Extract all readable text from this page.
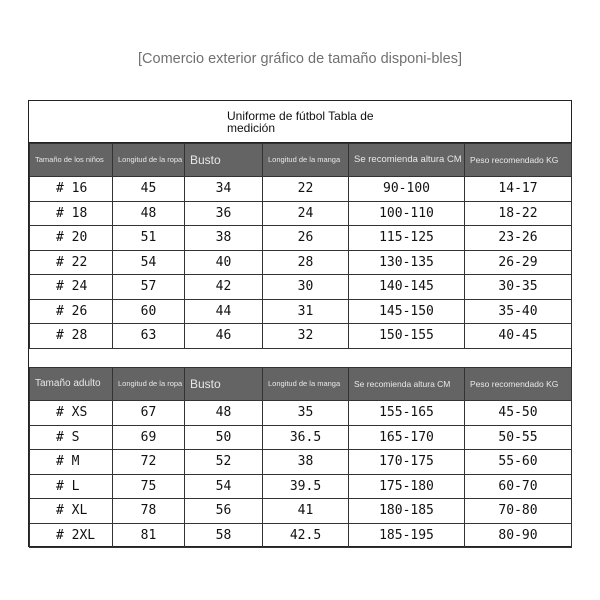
[Comercio exterior gráfico de tamaño disponi-bles]
Uniforme de fútbol Tabla de medición
Tamaño de los niños	Longitud de la ropa	Busto	Longitud de la manga	Se recomienda altura CM	Peso recomendado KG
# 16	45	34	22	90-100	14-17
# 18	48	36	24	100-110	18-22
# 20	51	38	26	115-125	23-26
# 22	54	40	28	130-135	26-29
# 24	57	42	30	140-145	30-35
# 26	60	44	31	145-150	35-40
# 28	63	46	32	150-155	40-45
Tamaño adulto	Longitud de la ropa	Busto	Longitud de la manga	Se recomienda altura CM	Peso recomendado KG
# XS	67	48	35	155-165	45-50
# S	69	50	36.5	165-170	50-55
# M	72	52	38	170-175	55-60
# L	75	54	39.5	175-180	60-70
# XL	78	56	41	180-185	70-80
# 2XL	81	58	42.5	185-195	80-90
